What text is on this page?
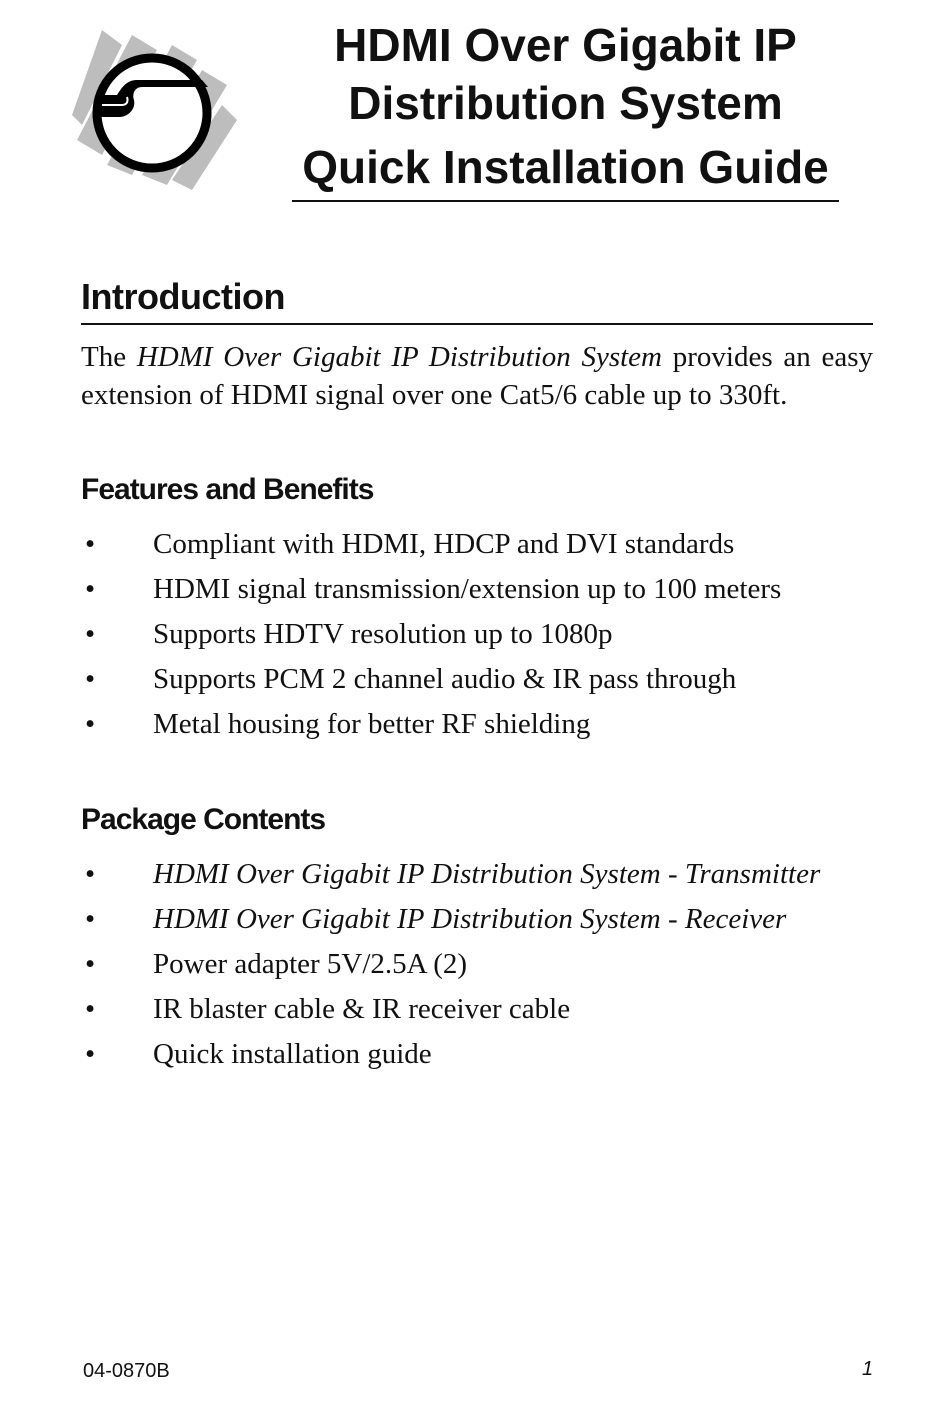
HDMI Over Gigabit IP
Distribution System
Quick Installation Guide
Introduction
The HDMI Over Gigabit IP Distribution System provides an easy extension of HDMI signal over one Cat5/6 cable up to 330ft.
Features and Benefits
• Compliant with HDMI, HDCP and DVI standards
• HDMI signal transmission/extension up to 100 meters
• Supports HDTV resolution up to 1080p
• Supports PCM 2 channel audio & IR pass through
• Metal housing for better RF shielding
Package Contents
• HDMI Over Gigabit IP Distribution System - Transmitter
• HDMI Over Gigabit IP Distribution System - Receiver
• Power adapter 5V/2.5A (2)
• IR blaster cable & IR receiver cable
• Quick installation guide
04-0870B	1
